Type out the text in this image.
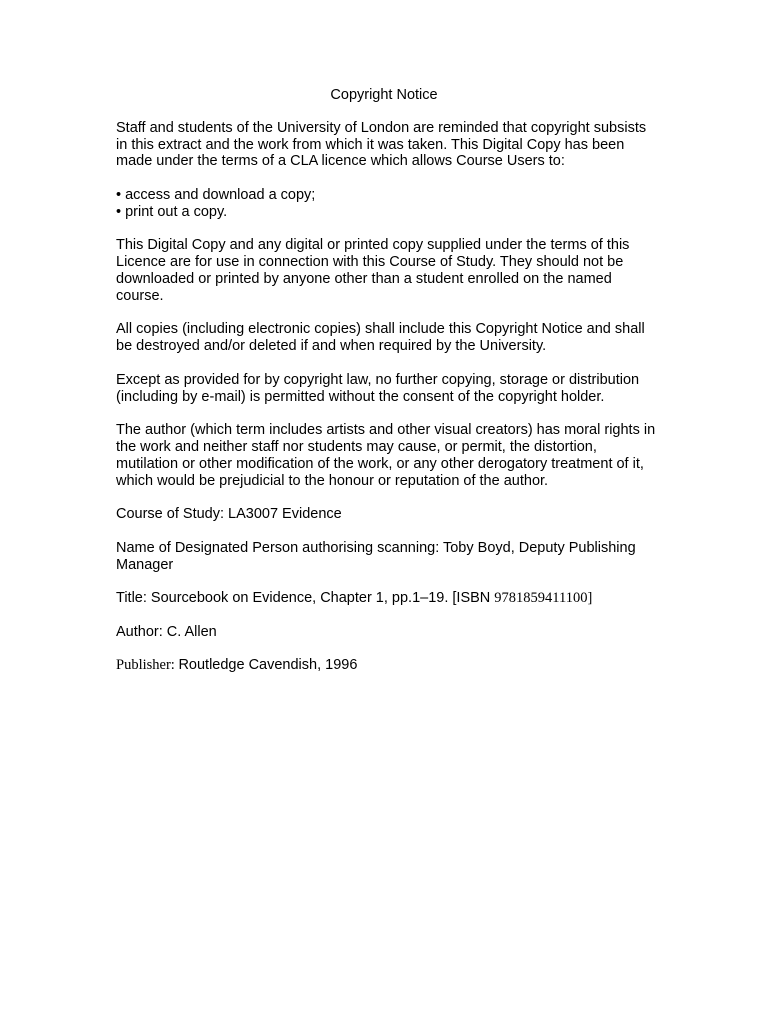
Copyright Notice

Staff and students of the University of London are reminded that copyright subsists in this extract and the work from which it was taken. This Digital Copy has been made under the terms of a CLA licence which allows Course Users to:

• access and download a copy;
• print out a copy.

This Digital Copy and any digital or printed copy supplied under the terms of this Licence are for use in connection with this Course of Study. They should not be downloaded or printed by anyone other than a student enrolled on the named course.

All copies (including electronic copies) shall include this Copyright Notice and shall be destroyed and/or deleted if and when required by the University.

Except as provided for by copyright law, no further copying, storage or distribution (including by e-mail) is permitted without the consent of the copyright holder.

The author (which term includes artists and other visual creators) has moral rights in the work and neither staff nor students may cause, or permit, the distortion, mutilation or other modification of the work, or any other derogatory treatment of it, which would be prejudicial to the honour or reputation of the author.

Course of Study: LA3007 Evidence

Name of Designated Person authorising scanning: Toby Boyd, Deputy Publishing Manager

Title: Sourcebook on Evidence, Chapter 1, pp.1–19. [ISBN 9781859411100]

Author: C. Allen

Publisher: Routledge Cavendish, 1996
